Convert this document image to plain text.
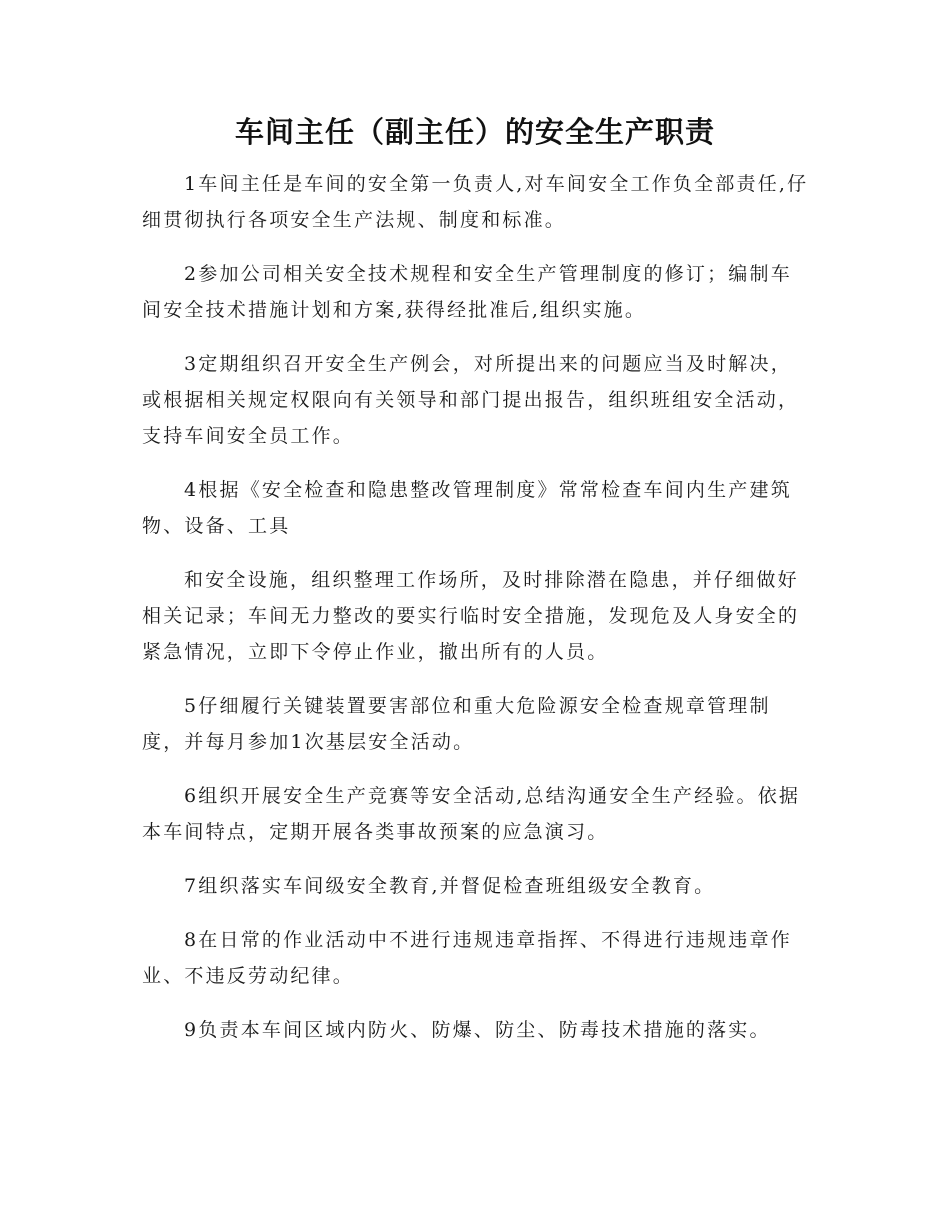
车间主任（副主任）的安全生产职责

1车间主任是车间的安全第一负责人,对车间安全工作负全部责任,仔细贯彻执行各项安全生产法规、制度和标准。

2参加公司相关安全技术规程和安全生产管理制度的修订；编制车间安全技术措施计划和方案,获得经批准后,组织实施。

3定期组织召开安全生产例会，对所提出来的问题应当及时解决，或根据相关规定权限向有关领导和部门提出报告，组织班组安全活动，支持车间安全员工作。

4根据《安全检查和隐患整改管理制度》常常检查车间内生产建筑物、设备、工具

和安全设施，组织整理工作场所，及时排除潜在隐患，并仔细做好相关记录；车间无力整改的要实行临时安全措施，发现危及人身安全的紧急情况，立即下令停止作业，撤出所有的人员。

5仔细履行关键装置要害部位和重大危险源安全检查规章管理制度，并每月参加1次基层安全活动。

6组织开展安全生产竞赛等安全活动,总结沟通安全生产经验。依据本车间特点，定期开展各类事故预案的应急演习。

7组织落实车间级安全教育,并督促检查班组级安全教育。

8在日常的作业活动中不进行违规违章指挥、不得进行违规违章作业、不违反劳动纪律。

9负责本车间区域内防火、防爆、防尘、防毒技术措施的落实。
